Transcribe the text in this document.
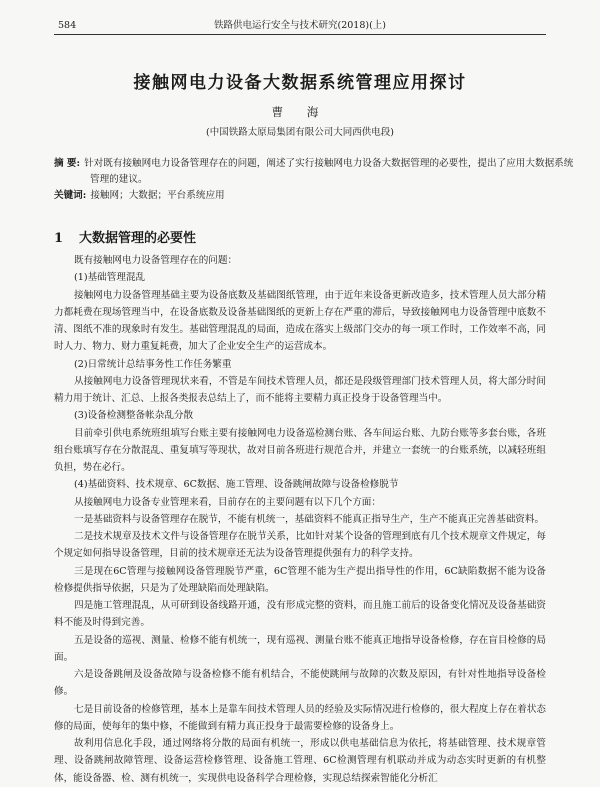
584	铁路供电运行安全与技术研究(2018)(上)
接触网电力设备大数据系统管理应用探讨
曹 海
(中国铁路太原局集团有限公司大同西供电段)
摘 要: 针对既有接触网电力设备管理存在的问题，阐述了实行接触网电力设备大数据管理的必要性，提出了应用大数据系统管理的建议。
关键词: 接触网；大数据；平台系统应用
1 大数据管理的必要性

既有接触网电力设备管理存在的问题：

(1)基础管理混乱

接触网电力设备管理基础主要为设备底数及基础图纸管理，由于近年来设备更新改造多，技术管理人员大部分精力都耗费在现场管理当中，在设备底数及设备基础图纸的更新上存在严重的滞后，导致接触网电力设备管理中底数不清、图纸不准的现象时有发生。基础管理混乱的局面，造成在落实上级部门交办的每一项工作时，工作效率不高，同时人力、物力、财力重复耗费，加大了企业安全生产的运营成本。

(2)日常统计总结事务性工作任务繁重

从接触网电力设备管理现状来看，不管是车间技术管理人员，都还是段级管理部门技术管理人员，将大部分时间精力用于统计、汇总、上报各类报表总结上了，而不能将主要精力真正投身于设备管理当中。

(3)设备检测整备帐杂乱分散

目前牵引供电系统班组填写台账主要有接触网电力设备巡检测台账、各车间运台账、九防台账等多套台账，各班组台账填写存在分散混乱、重复填写等现状，故对目前各班进行规范合并，并建立一套统一的台账系统，以减轻班组负担，势在必行。

(4)基础资料、技术规章、6C数据、施工管理、设备跳闸故障与设备检修脱节

从接触网电力设备专业管理来看，目前存在的主要问题有以下几个方面：

一是基础资料与设备管理存在脱节，不能有机统一，基础资料不能真正指导生产，生产不能真正完善基础资料。

二是技术规章及技术文件与设备管理存在脱节关系，比如针对某个设备的管理到底有几个技术规章文件规定，每个规定如何指导设备管理，目前的技术规章还无法为设备管理提供强有力的科学支持。

三是现在6C管理与接触网设备管理脱节严重，6C管理不能为生产提出指导性的作用，6C缺陷数据不能为设备检修提供指导依据，只是为了处理缺陷而处理缺陷。

四是施工管理混乱，从可研到设备线路开通，没有形成完整的资料，而且施工前后的设备变化情况及设备基础资料不能及时得到完善。

五是设备的巡视、测量、检修不能有机统一，现有巡视、测量台账不能真正地指导设备检修，存在盲目检修的局面。

六是设备跳闸及设备故障与设备检修不能有机结合，不能使跳闸与故障的次数及原因，有针对性地指导设备检修。

七是目前设备的检修管理，基本上是靠车间技术管理人员的经验及实际情况进行检修的，很大程度上存在着状态修的局面，使每年的集中修，不能做到有精力真正投身于最需要检修的设备身上。

故利用信息化手段，通过网络将分散的局面有机统一，形成以供电基础信息为依托，将基础管理、技术规章管理、设备跳闸故障管理、设备运营检修管理、设备施工管理、6C检测管理有机联动并成为动态实时更新的有机整体，能设备器、检、测有机统一，实现供电设备科学合理检修，实现总结探索智能化分析汇
